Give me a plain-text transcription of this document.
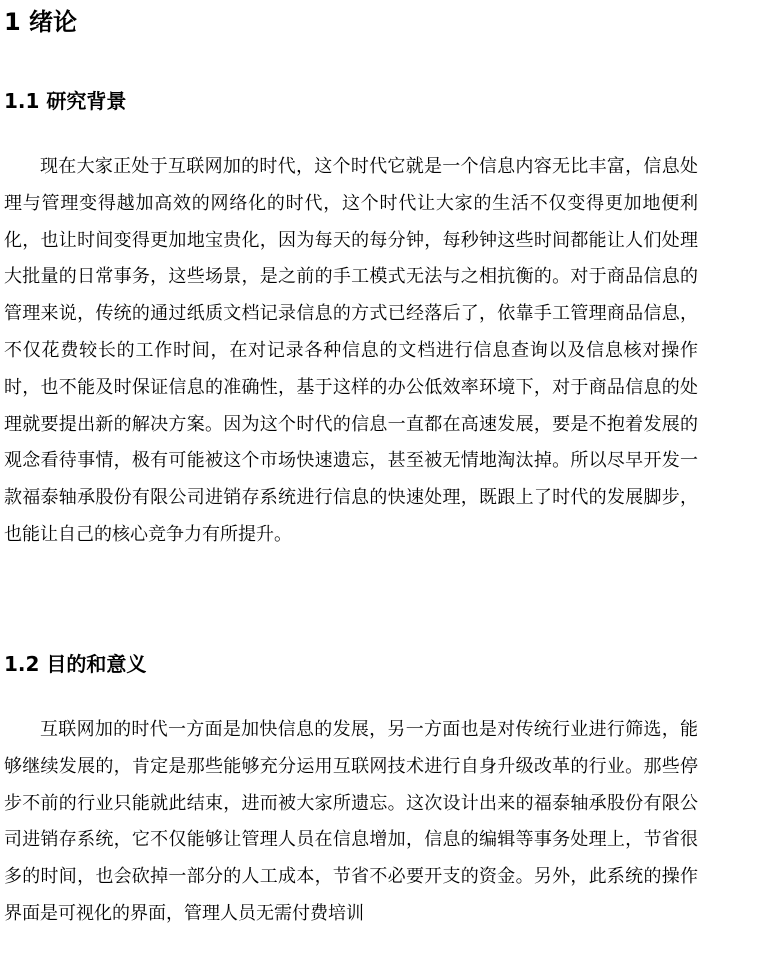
1 绪论
1.1 研究背景

现在大家正处于互联网加的时代，这个时代它就是一个信息内容无比丰富，信息处理与管理变得越加高效的网络化的时代，这个时代让大家的生活不仅变得更加地便利化，也让时间变得更加地宝贵化，因为每天的每分钟，每秒钟这些时间都能让人们处理大批量的日常事务，这些场景，是之前的手工模式无法与之相抗衡的。对于商品信息的管理来说，传统的通过纸质文档记录信息的方式已经落后了，依靠手工管理商品信息，不仅花费较长的工作时间，在对记录各种信息的文档进行信息查询以及信息核对操作时，也不能及时保证信息的准确性，基于这样的办公低效率环境下，对于商品信息的处理就要提出新的解决方案。因为这个时代的信息一直都在高速发展，要是不抱着发展的观念看待事情，极有可能被这个市场快速遗忘，甚至被无情地淘汰掉。所以尽早开发一款福泰轴承股份有限公司进销存系统进行信息的快速处理，既跟上了时代的发展脚步，也能让自己的核心竞争力有所提升。

1.2 目的和意义

互联网加的时代一方面是加快信息的发展，另一方面也是对传统行业进行筛选，能够继续发展的，肯定是那些能够充分运用互联网技术进行自身升级改革的行业。那些停步不前的行业只能就此结束，进而被大家所遗忘。这次设计出来的福泰轴承股份有限公司进销存系统，它不仅能够让管理人员在信息增加，信息的编辑等事务处理上，节省很多的时间，也会砍掉一部分的人工成本，节省不必要开支的资金。另外，此系统的操作界面是可视化的界面，管理人员无需付费培训
